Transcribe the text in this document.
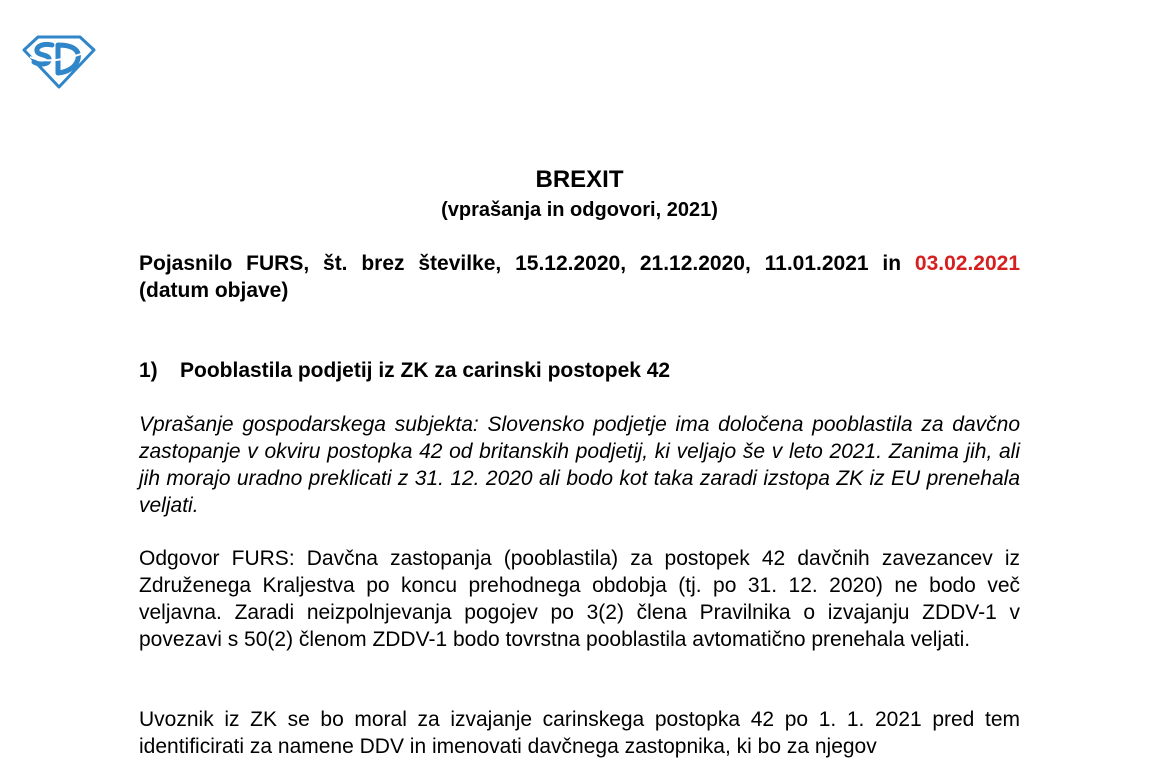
BREXIT
(vprašanja in odgovori, 2021)

Pojasnilo FURS, št. brez številke, 15.12.2020, 21.12.2020, 11.01.2021 in 03.02.2021 (datum objave)

1) Pooblastila podjetij iz ZK za carinski postopek 42

Vprašanje gospodarskega subjekta: Slovensko podjetje ima določena pooblastila za davčno zastopanje v okviru postopka 42 od britanskih podjetij, ki veljajo še v leto 2021. Zanima jih, ali jih morajo uradno preklicati z 31. 12. 2020 ali bodo kot taka zaradi izstopa ZK iz EU prenehala veljati.

Odgovor FURS: Davčna zastopanja (pooblastila) za postopek 42 davčnih zavezancev iz Združenega Kraljestva po koncu prehodnega obdobja (tj. po 31. 12. 2020) ne bodo več veljavna. Zaradi neizpolnjevanja pogojev po 3(2) člena Pravilnika o izvajanju ZDDV-1 v povezavi s 50(2) členom ZDDV-1 bodo tovrstna pooblastila avtomatično prenehala veljati.

Uvoznik iz ZK se bo moral za izvajanje carinskega postopka 42 po 1. 1. 2021 pred tem identificirati za namene DDV in imenovati davčnega zastopnika, ki bo za njegov
